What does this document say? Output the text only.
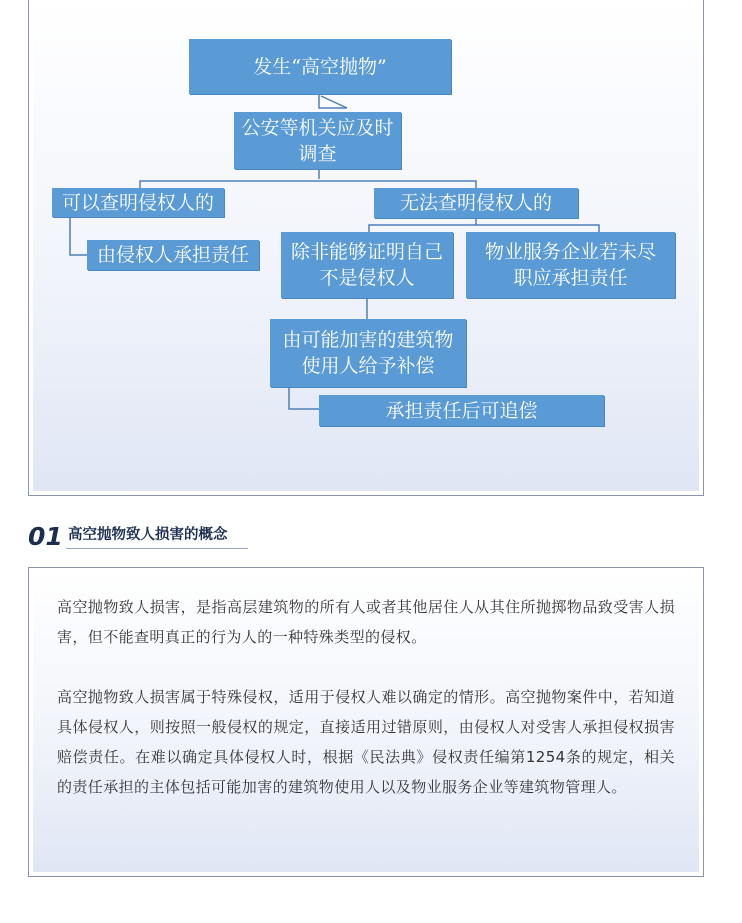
发生“高空抛物”
公安等机关应及时
调查
可以查明侵权人的	无法查明侵权人的
由侵权人承担责任	除非能够证明自己
不是侵权人
物业服务企业若未尽
职应承担责任
由可能加害的建筑物
使用人给予补偿
承担责任后可追偿
01 高空抛物致人损害的概念

高空抛物致人损害，是指高层建筑物的所有人或者其他居住人从其住所抛掷物品致受害人损害，但不能查明真正的行为人的一种特殊类型的侵权。

高空抛物致人损害属于特殊侵权，适用于侵权人难以确定的情形。高空抛物案件中，若知道具体侵权人，则按照一般侵权的规定，直接适用过错原则，由侵权人对受害人承担侵权损害赔偿责任。在难以确定具体侵权人时，根据《民法典》侵权责任编第1254条的规定，相关的责任承担的主体包括可能加害的建筑物使用人以及物业服务企业等建筑物管理人。
